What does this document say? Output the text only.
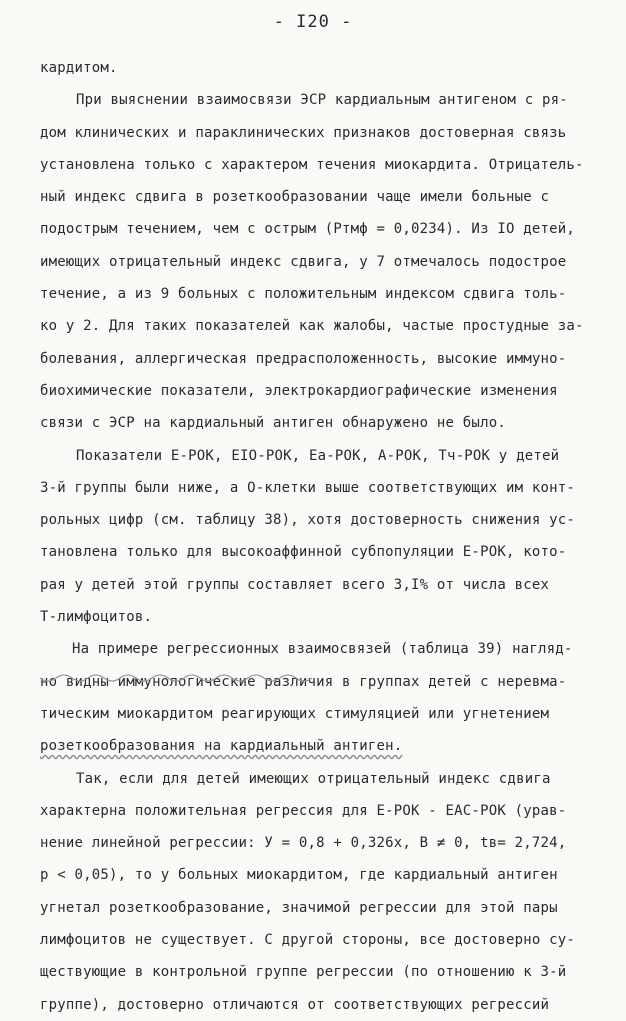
- I20 -
кардитом.
При выяснении взаимосвязи ЭСР кардиальным антигеном с ря-
дом клинических и параклинических признаков достоверная связь
установлена только с характером течения миокардита. Отрицатель-
ный индекс сдвига в розеткообразовании чаще имели больные с
подострым течением, чем с острым (Pтмф = 0,0234). Из IO детей,
имеющих отрицательный индекс сдвига, у 7 отмечалось подострое
течение, а из 9 больных с положительным индексом сдвига толь-
ко у 2. Для таких показателей как жалобы, частые простудные за-
болевания, аллергическая предрасположенность, высокие иммуно-
биохимические показатели, электрокардиографические изменения
связи с ЭСР на кардиальный антиген обнаружено не было.
Показатели Е-РОК, EIO-РОК, Ea-РОК, А-РОК, Tч-РОК у детей
3-й группы были ниже, а О-клетки выше соответствующих им конт-
рольных цифр (см. таблицу 38), хотя достоверность снижения ус-
тановлена только для высокоаффинной субпопуляции Е-РОК, кото-
рая у детей этой группы составляет всего 3,I% от числа всех
Т-лимфоцитов.
На примере регрессионных взаимосвязей (таблица 39) нагляд-
но видны иммунологические различия в группах детей с неревма-
тическим миокардитом реагирующих стимуляцией или угнетением
розеткообразования на кардиальный антиген.
Так, если для детей имеющих отрицательный индекс сдвига
характерна положительная регрессия для Е-РОК - ЕАС-РОК (урав-
нение линейной регрессии: У = 0,8 + 0,326x, B ≠ 0, tв= 2,724,
p < 0,05), то у больных миокардитом, где кардиальный антиген
угнетал розеткообразование, значимой регрессии для этой пары
лимфоцитов не существует. С другой стороны, все достоверно су-
ществующие в контрольной группе регрессии (по отношению к 3-й
группе), достоверно отличаются от соответствующих регрессий
